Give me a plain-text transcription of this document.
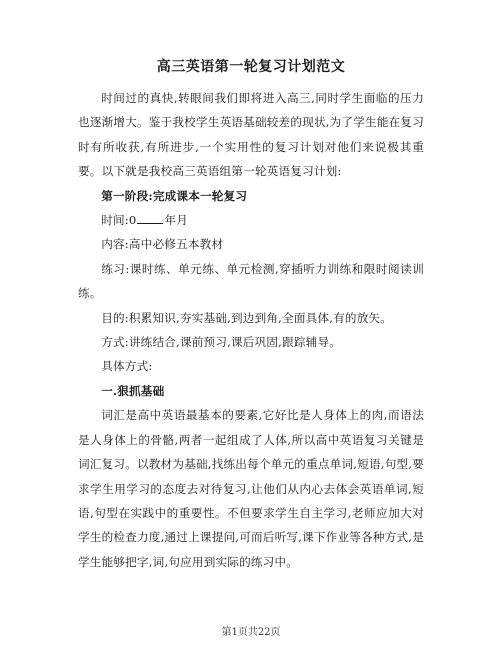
高三英语第一轮复习计划范文

时间过的真快,转眼间我们即将进入高三,同时学生面临的压力也逐渐增大。鉴于我校学生英语基础较差的现状,为了学生能在复习时有所收获,有所进步,一个实用性的复习计划对他们来说极其重要。以下就是我校高三英语组第一轮英语复习计划:

第一阶段:完成课本一轮复习

时间:0 年月

内容:高中必修五本教材

练习:课时练、单元练、单元检测,穿插听力训练和限时阅读训练。

目的:积累知识,夯实基础,到边到角,全面具体,有的放矢。

方式:讲练结合,课前预习,课后巩固,跟踪辅导。

具体方式:

一.狠抓基础

词汇是高中英语最基本的要素,它好比是人身体上的肉,而语法是人身体上的骨骼,两者一起组成了人体,所以高中英语复习关键是词汇复习。以教材为基础,找练出每个单元的重点单词,短语,句型,要求学生用学习的态度去对待复习,让他们从内心去体会英语单词,短语,句型在实践中的重要性。不但要求学生自主学习,老师应加大对学生的检查力度,通过上课提问,可而后听写,课下作业等各种方式,是学生能够把字,词,句应用到实际的练习中。

第1页共22页
